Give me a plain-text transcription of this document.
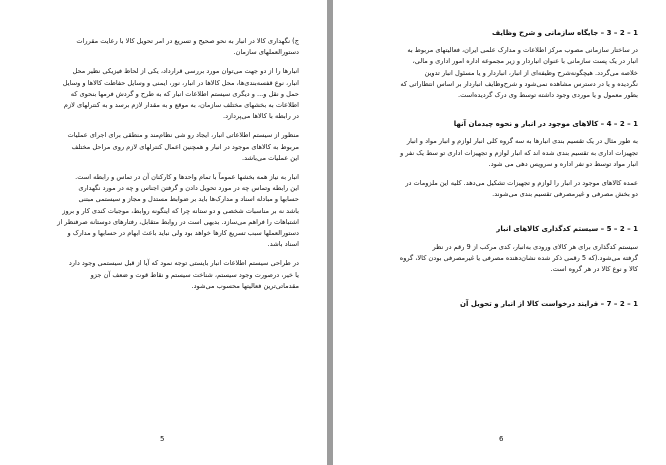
ج) نگهداری کالا در انبار به نحو صحیح و تسریع در امر تحویل کالا با رعایت مقررات
دستورالعملهای سازمان.
انبارها را از دو جهت می‌توان مورد بررسی قرارداد، یکی از لحاظ فیزیکی نظیر محل
انبار، نوع قفسه‌بندی‌ها، محل کالاها در انبار، نور، ایمنی و وسایل حفاظت کالاها و وسایل
حمل و نقل و... و دیگری سیستم اطلاعات انبار که به طرح و گردش فرمها بنحوی که
اطلاعات به بخشهای مختلف سازمان، به موقع و به مقدار لازم برسد و به کنترلهای لازم
در رابطه با کالاها می‌پردازد.
منظور از سیستم اطلاعاتی انبار، ایجاد رو شی نظام‌مند و منطقی برای اجرای عملیات
مربوط به کالاهای موجود در انبار و همچنین اعمال کنترلهای لازم روی مراحل مختلف
این عملیات می‌باشد.
انبار به نیاز همه بخشها عموماً با تمام واحدها و کارکنان آن در تماس و رابطه است.
این رابطه وتماس چه در مورد تحویل دادن و گرفتن اجناس و چه در مورد نگهداری
حسابها و مبادله اسناد و مدارک‌ها باید بر ضوابط مستدل و مجاز و سیستمی مبتنی
باشد نه بر مناسبات شخصی و دو ستانه چرا که اینگونه روابط، موجبات کندی کار و بروز
اشتباهات را فراهم می‌سازد. بدیهی است در روابط متقابل، رفتارهای دوستانه صرفنظر از
دستورالعملها سبب تسریع کارها خواهد بود ولی نباید باعث ابهام در حسابها و مدارک و
اسناد باشد.
در طراحی سیستم اطلاعات انبار بایستی توجه نمود که آیا از قبل سیستمی وجود دارد
یا خیر، درصورت وجود سیستم، شناخت سیستم و نقاط قوت و ضعف آن جزو
مقدماتی‌ترین فعالیتها محسوب می‌شود.
5
1 – 2 – 3 – جایگاه سازمانی و شرح وظایف
در ساختار سازمانی مصوب مرکز اطلاعات و مدارک علمی ایران، فعالیتهای مربوط به
انبار در یک پست سازمانی با عنوان انباردار و زیر مجموعه اداره امور اداری و مالی،
خلاصه می‌گردد. هیچگونه‌شرح وظیفه‌ای از انبار، انباردار و یا مسئول انبار تدوین
نگردیده و یا در دسترس مشاهده نمی‌شود و شرح‌وظایف انباردار بر اساس انتظاراتی که
بطور معمول و یا موردی وجود داشته توسط وی درک گردیده‌است.
1 – 2 – 4 – کالاهای موجود در انبار و نحوه چیدمان آنها
به طور مثال در یک تقسیم بندی انبارها به سه گروه کلی انبار لوازم و انبار مواد و انبار
تجهیزات اداری به تقسیم بندی شده اند که انبار لوازم و تجهیزات اداری تو سط یک نفر و
انبار مواد توسط دو نفر اداره و سرویس دهی می شود.
عمده کالاهای موجود در انبار را لوازم و تجهیزات تشکیل می‌دهد. کلیه این ملزومات در
دو بخش مصرفی و غیرمصرفی تقسیم بندی می‌شوند.
1 – 2 – 5 – سیستم کدگذاری کالاهای انبار
سیستم کدگذاری برای هر کالای ورودی به‌انبار، کدی مرکب از 9 رقم در نظر
گرفته می‌شود.(که 5 رقمی ذکر شده نشان‌دهنده مصرفی یا غیرمصرفی بودن کالا، گروه
کالا و نوع کالا در هر گروه است.
1 – 2 – 7 – فرایند درخواست کالا از انبار و تحویل آن
6
